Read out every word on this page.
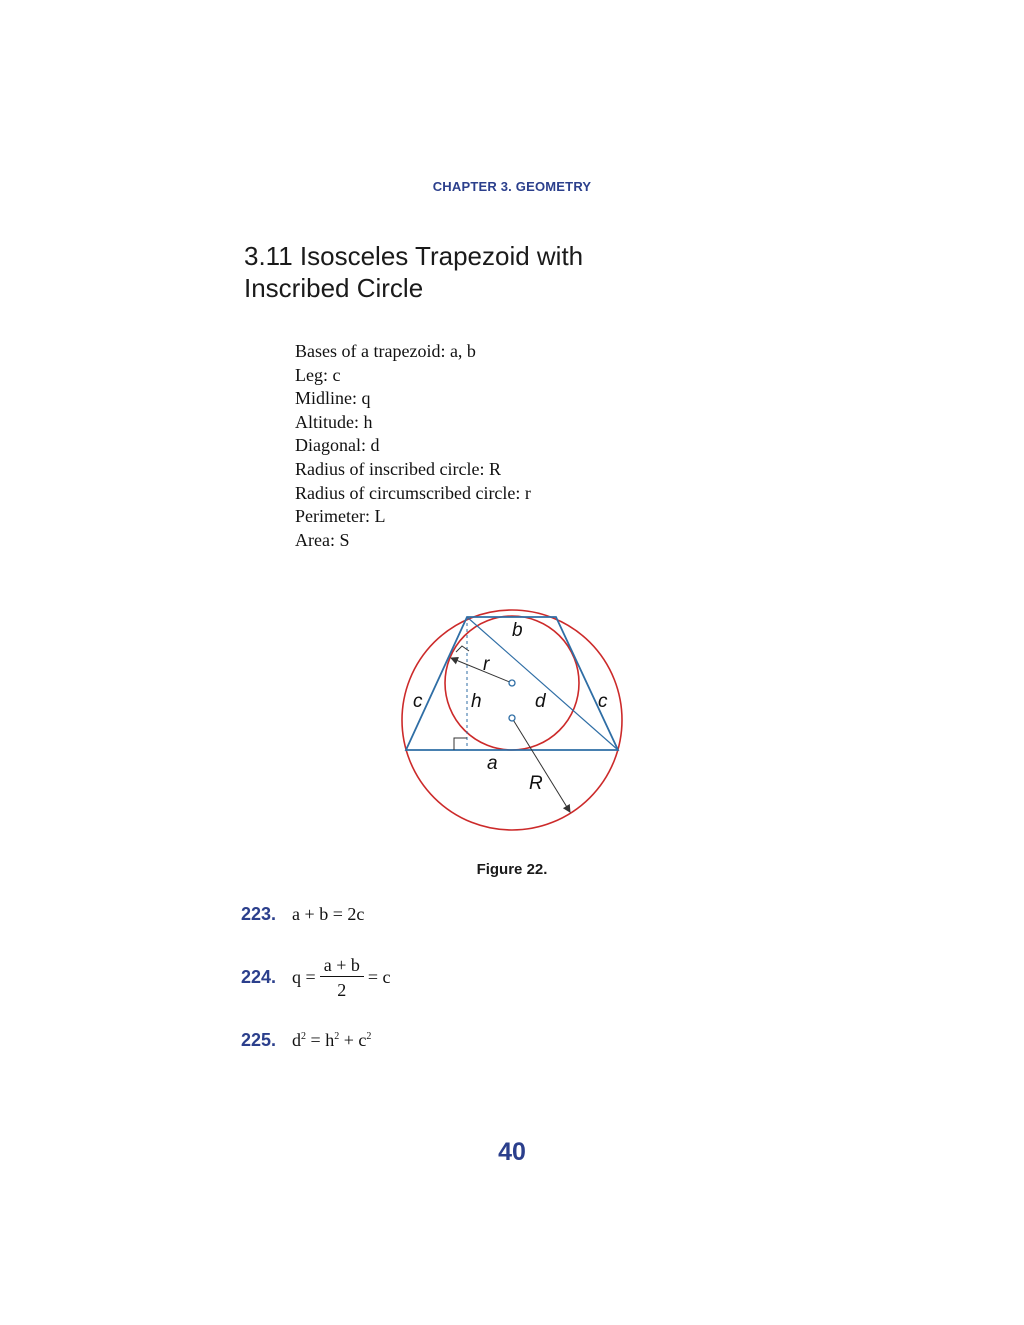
CHAPTER 3. GEOMETRY
3.11 Isosceles Trapezoid with
Inscribed Circle
Bases of a trapezoid: a, b
Leg: c
Midline: q
Altitude: h
Diagonal: d
Radius of inscribed circle: R
Radius of circumscribed circle: r
Perimeter: L
Area: S
b
r
c	h	d	c
a
R
Figure 22.
223. a + b = 2c
224. $q = \frac{a + b}{2} = c$
225. $d^2 = h^2 + c^2$
40
